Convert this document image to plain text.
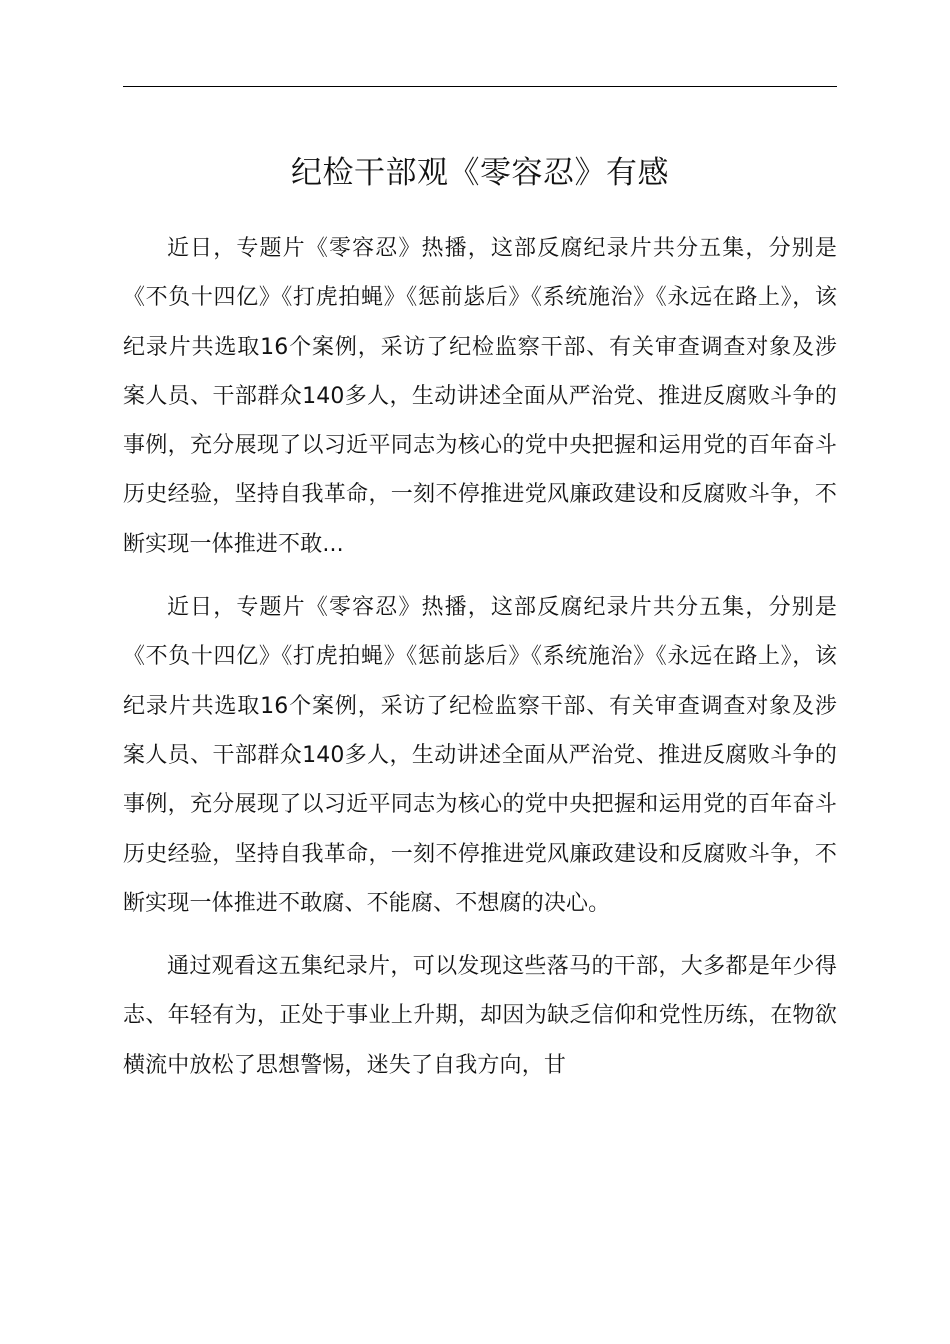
纪检干部观《零容忍》有感

近日，专题片《零容忍》热播，这部反腐纪录片共分五集，分别是《不负十四亿》《打虎拍蝇》《惩前毖后》《系统施治》《永远在路上》，该纪录片共选取16个案例，采访了纪检监察干部、有关审查调查对象及涉案人员、干部群众140多人，生动讲述全面从严治党、推进反腐败斗争的事例，充分展现了以习近平同志为核心的党中央把握和运用党的百年奋斗历史经验，坚持自我革命，一刻不停推进党风廉政建设和反腐败斗争，不断实现一体推进不敢...

近日，专题片《零容忍》热播，这部反腐纪录片共分五集，分别是《不负十四亿》《打虎拍蝇》《惩前毖后》《系统施治》《永远在路上》，该纪录片共选取16个案例，采访了纪检监察干部、有关审查调查对象及涉案人员、干部群众140多人，生动讲述全面从严治党、推进反腐败斗争的事例，充分展现了以习近平同志为核心的党中央把握和运用党的百年奋斗历史经验，坚持自我革命，一刻不停推进党风廉政建设和反腐败斗争，不断实现一体推进不敢腐、不能腐、不想腐的决心。

通过观看这五集纪录片，可以发现这些落马的干部，大多都是年少得志、年轻有为，正处于事业上升期，却因为缺乏信仰和党性历练，在物欲横流中放松了思想警惕，迷失了自我方向，甘
